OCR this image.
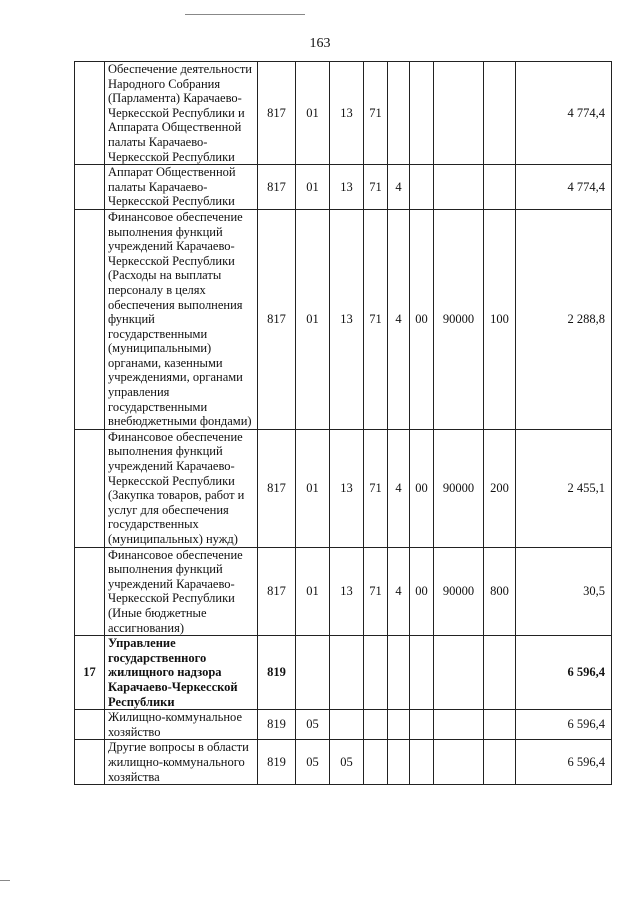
163
	Обеспечение деятельности Народного Собрания (Парламента) Карачаево-Черкесской Республики и Аппарата Общественной палаты Карачаево-Черкесской Республики	817	01	13	71					4 774,4
	Аппарат Общественной палаты Карачаево-Черкесской Республики	817	01	13	71	4				4 774,4
	Финансовое обеспечение выполнения функций учреждений Карачаево-Черкесской Республики (Расходы на выплаты персоналу в целях обеспечения выполнения функций государственными (муниципальными) органами, казенными учреждениями, органами управления государственными внебюджетными фондами)	817	01	13	71	4	00	90000	100	2 288,8
	Финансовое обеспечение выполнения функций учреждений Карачаево-Черкесской Республики (Закупка товаров, работ и услуг для обеспечения государственных (муниципальных) нужд)	817	01	13	71	4	00	90000	200	2 455,1
	Финансовое обеспечение выполнения функций учреждений Карачаево-Черкесской Республики (Иные бюджетные ассигнования)	817	01	13	71	4	00	90000	800	30,5
17	Управление государственного жилищного надзора Карачаево-Черкесской Республики	819								6 596,4
	Жилищно-коммунальное хозяйство	819	05							6 596,4
	Другие вопросы в области жилищно-коммунального хозяйства	819	05	05						6 596,4
